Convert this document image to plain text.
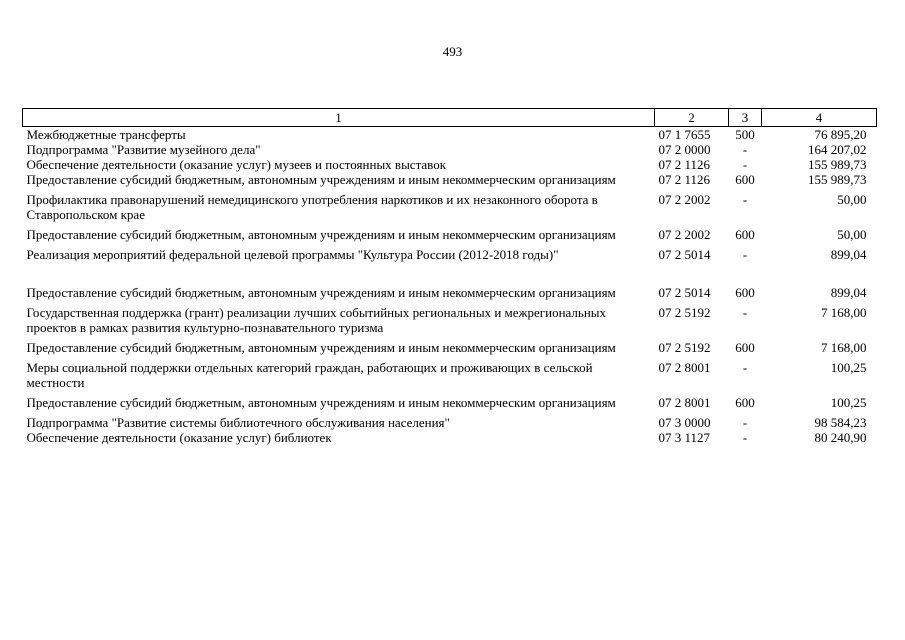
493
1	2	3	4
Межбюджетные трансферты	07 1 7655	500	76 895,20
Подпрограмма "Развитие музейного дела"	07 2 0000	-	164 207,02
Обеспечение деятельности (оказание услуг) музеев и постоянных выставок	07 2 1126	-	155 989,73
Предоставление субсидий бюджетным, автономным учреждениям и иным некоммерческим организациям	07 2 1126	600	155 989,73
Профилактика правонарушений немедицинского употребления наркотиков и их незаконного оборота в Ставропольском крае	07 2 2002	-	50,00
Предоставление субсидий бюджетным, автономным учреждениям и иным некоммерческим организациям	07 2 2002	600	50,00
Реализация мероприятий федеральной целевой программы "Культура России (2012-2018 годы)"	07 2 5014	-	899,04
Предоставление субсидий бюджетным, автономным учреждениям и иным некоммерческим организациям	07 2 5014	600	899,04
Государственная поддержка (грант) реализации лучших событийных региональных и межрегиональных проектов в рамках развития культурно-познавательного туризма	07 2 5192	-	7 168,00
Предоставление субсидий бюджетным, автономным учреждениям и иным некоммерческим организациям	07 2 5192	600	7 168,00
Меры социальной поддержки отдельных категорий граждан, работающих и проживающих в сельской местности	07 2 8001	-	100,25
Предоставление субсидий бюджетным, автономным учреждениям и иным некоммерческим организациям	07 2 8001	600	100,25
Подпрограмма "Развитие системы библиотечного обслуживания населения"	07 3 0000	-	98 584,23
Обеспечение деятельности (оказание услуг) библиотек	07 3 1127	-	80 240,90
